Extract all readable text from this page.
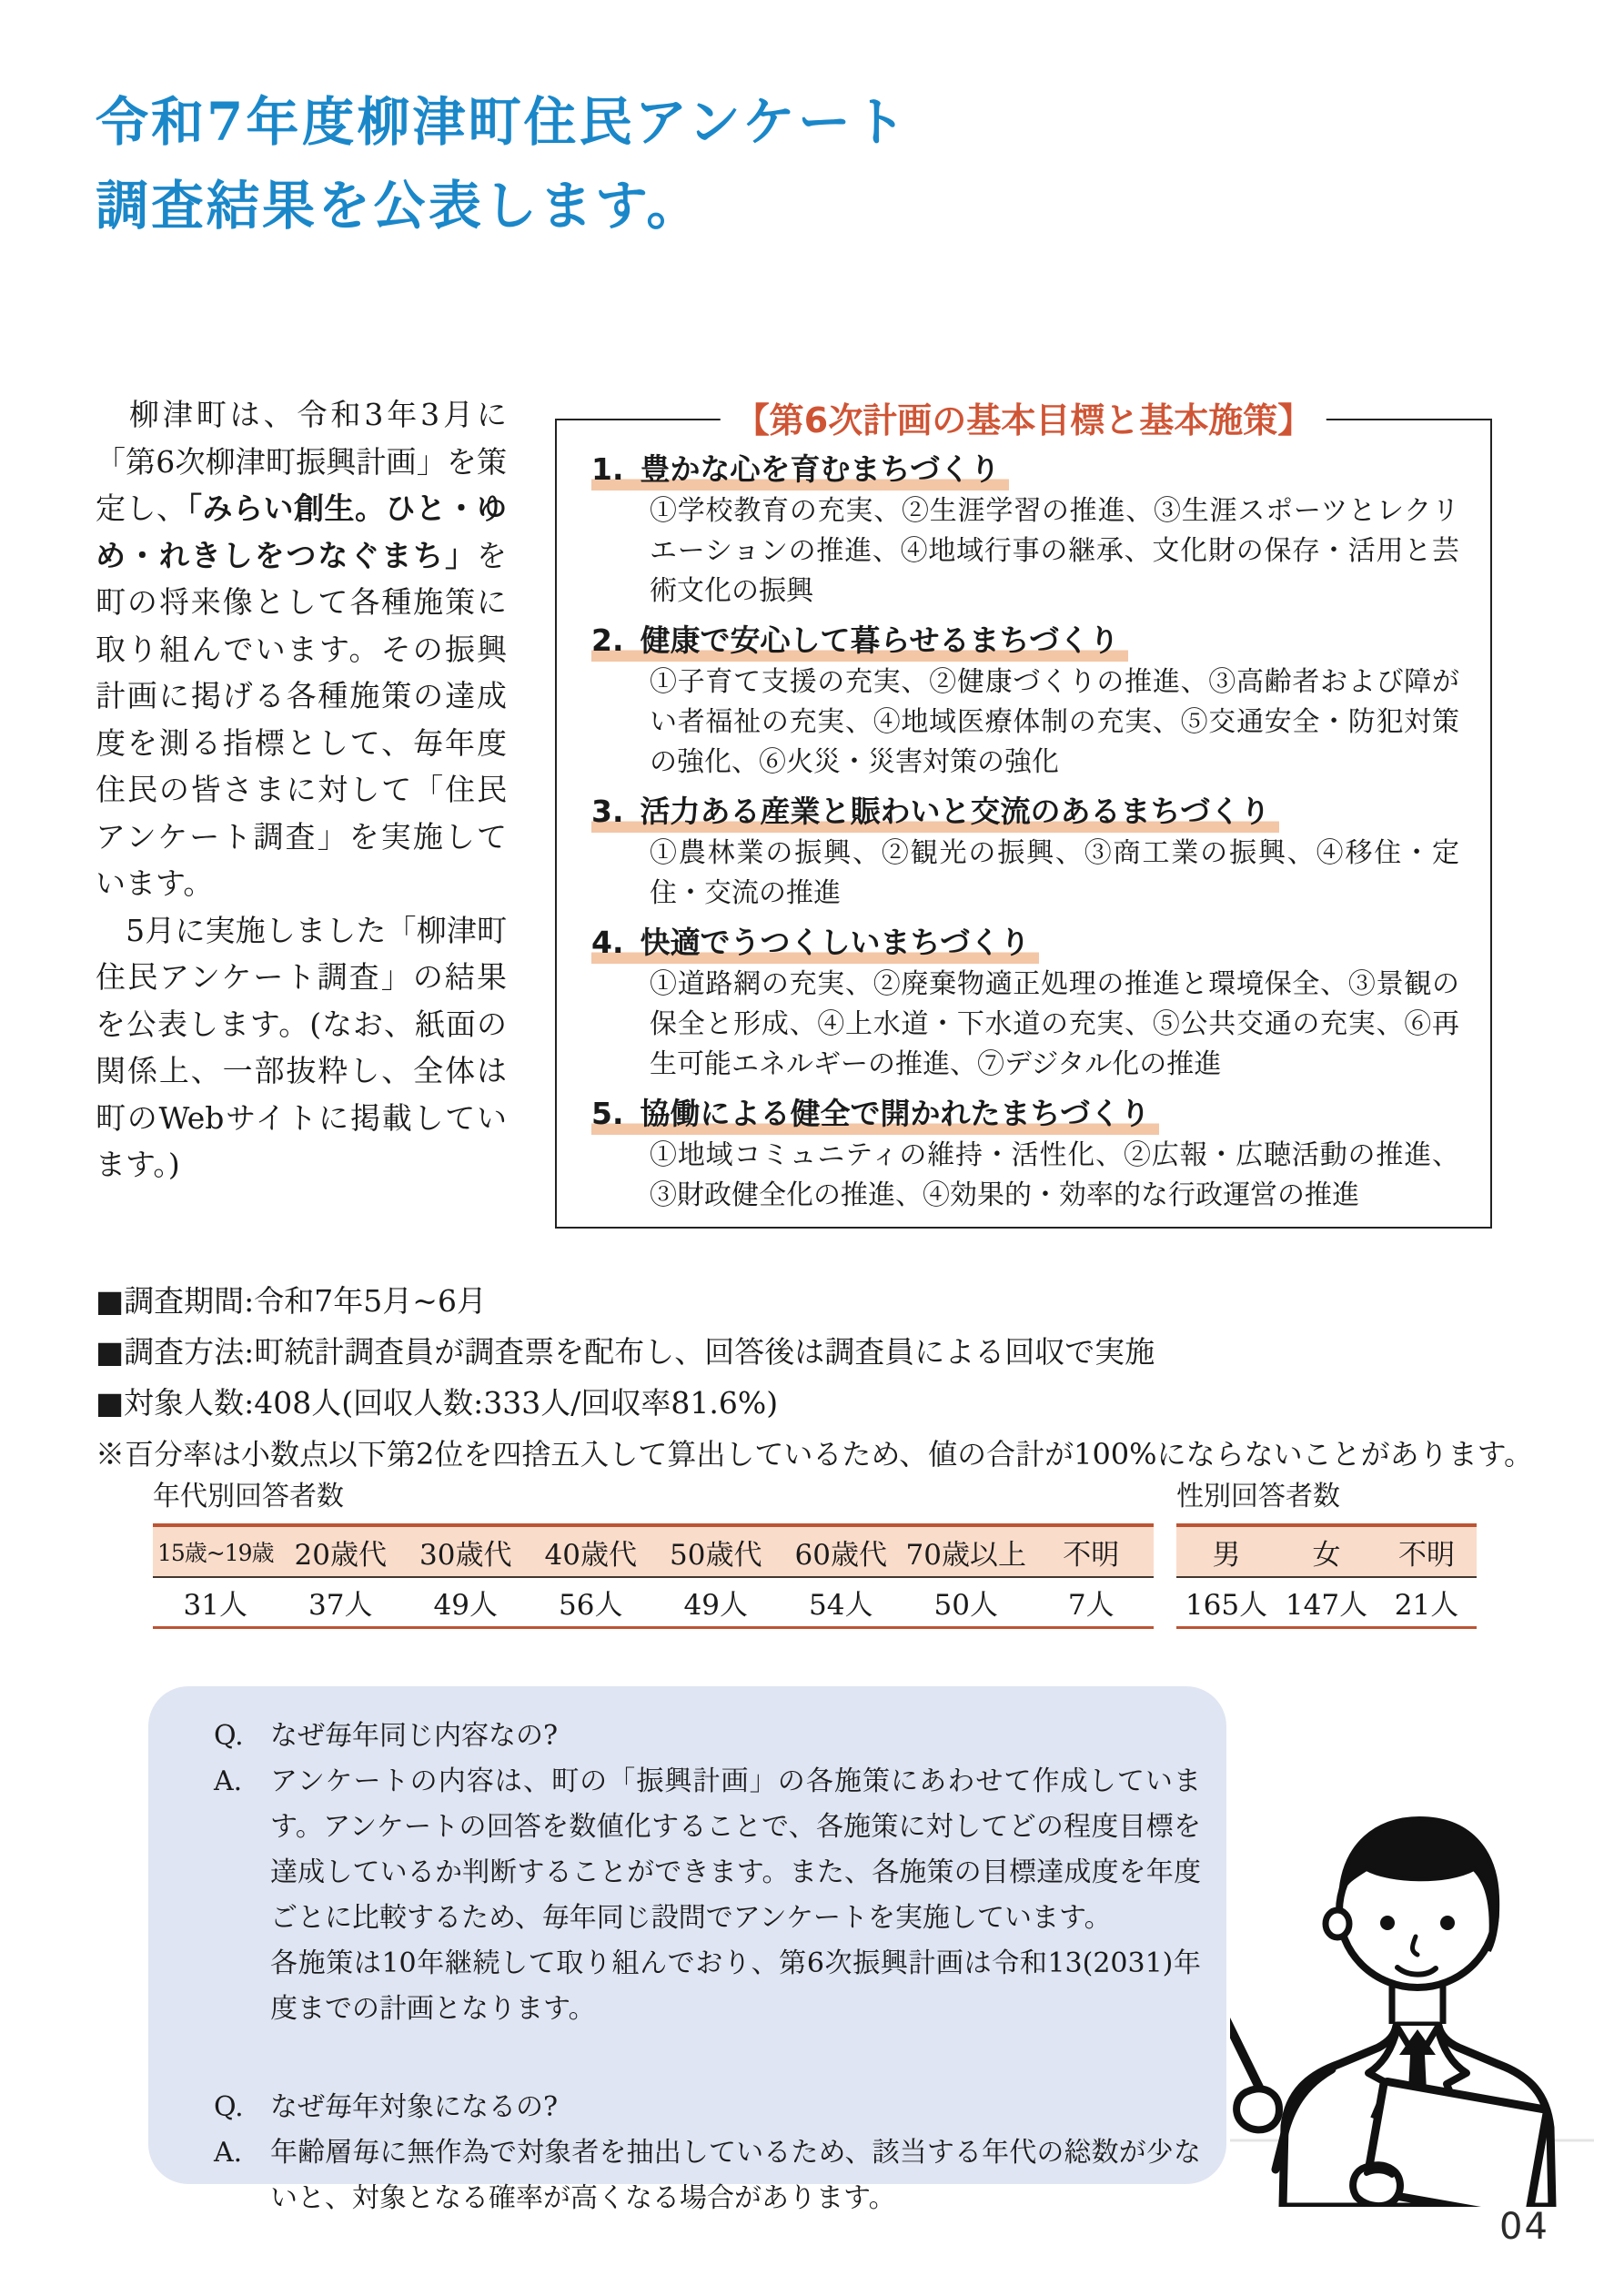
令和7年度柳津町住民アンケート
調査結果を公表します。

　柳津町は、令和3年3月に「第6次柳津町振興計画」を策定し、「みらい創生。ひと・ゆめ・れきしをつなぐまち」を町の将来像として各種施策に取り組んでいます。その振興計画に掲げる各種施策の達成度を測る指標として、毎年度住民の皆さまに対して「住民アンケート調査」を実施しています。

　5月に実施しました「柳津町住民アンケート調査」の結果を公表します。(なお、紙面の関係上、一部抜粋し、全体は町のWebサイトに掲載しています。)

【第6次計画の基本目標と基本施策】
1. 豊かな心を育むまちづくり
①学校教育の充実、②生涯学習の推進、③生涯スポーツとレクリエーションの推進、④地域行事の継承、文化財の保存・活用と芸術文化の振興
2. 健康で安心して暮らせるまちづくり
①子育て支援の充実、②健康づくりの推進、③高齢者および障がい者福祉の充実、④地域医療体制の充実、⑤交通安全・防犯対策の強化、⑥火災・災害対策の強化
3. 活力ある産業と賑わいと交流のあるまちづくり
①農林業の振興、②観光の振興、③商工業の振興、④移住・定住・交流の推進
4. 快適でうつくしいまちづくり
①道路網の充実、②廃棄物適正処理の推進と環境保全、③景観の保全と形成、④上水道・下水道の充実、⑤公共交通の充実、⑥再生可能エネルギーの推進、⑦デジタル化の推進
5. 協働による健全で開かれたまちづくり
①地域コミュニティの維持・活性化、②広報・広聴活動の推進、③財政健全化の推進、④効果的・効率的な行政運営の推進
■調査期間:令和7年5月~6月
■調査方法:町統計調査員が調査票を配布し、回答後は調査員による回収で実施
■対象人数:408人(回収人数:333人/回収率81.6%)
※百分率は小数点以下第2位を四捨五入して算出しているため、値の合計が100%にならないことがあります。
年代別回答者数
15歳~19歳 20歳代	30歳代	40歳代	50歳代	60歳代 70歳以上	不明
31人	37人	49人	56人	49人	54人	50人	7人
性別回答者数
男	女	不明
165人 147人 21人
Q. なぜ毎年同じ内容なの?
A.	アンケートの内容は、町の「振興計画」の各施策にあわせて作成しています。アンケートの回答を数値化することで、各施策に対してどの程度目標を達成しているか判断することができます。また、各施策の目標達成度を年度ごとに比較するため、毎年同じ設問でアンケートを実施しています。
各施策は10年継続して取り組んでおり、第6次振興計画は令和13(2031)年度までの計画となります。
Q. なぜ毎年対象になるの?
A.	年齢層毎に無作為で対象者を抽出しているため、該当する年代の総数が少ないと、対象となる確率が高くなる場合があります。
04
